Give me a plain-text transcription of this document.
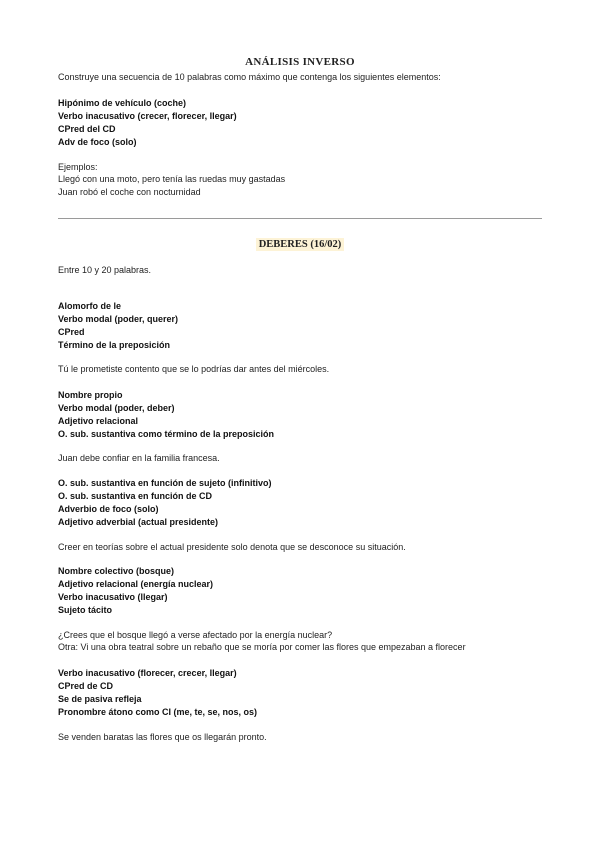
ANÁLISIS INVERSO
Construye una secuencia de 10 palabras como máximo que contenga los siguientes elementos:
Hipónimo de vehículo (coche)
Verbo inacusativo (crecer, florecer, llegar)
CPred del CD
Adv de foco (solo)
Ejemplos:
Llegó con una moto, pero tenía las ruedas muy gastadas
Juan robó el coche con nocturnidad
DEBERES (16/02)
Entre 10 y 20 palabras.
Alomorfo de le
Verbo modal (poder, querer)
CPred
Término de la preposición
Tú le prometiste contento que se lo podrías dar antes del miércoles.
Nombre propio
Verbo modal (poder, deber)
Adjetivo relacional
O. sub. sustantiva como término de la preposición
Juan debe confiar en la familia francesa.
O. sub. sustantiva en función de sujeto (infinitivo)
O. sub. sustantiva en función de CD
Adverbio de foco (solo)
Adjetivo adverbial (actual presidente)
Creer en teorías sobre el actual presidente solo denota que se desconoce su situación.
Nombre colectivo (bosque)
Adjetivo relacional (energía nuclear)
Verbo inacusativo (llegar)
Sujeto tácito
¿Crees que el bosque llegó a verse afectado por la energía nuclear?
Otra: Vi una obra teatral sobre un rebaño que se moría por comer las flores que empezaban a florecer
Verbo inacusativo (florecer, crecer, llegar)
CPred de CD
Se de pasiva refleja
Pronombre átono como CI (me, te, se, nos, os)
Se venden baratas las flores que os llegarán pronto.
